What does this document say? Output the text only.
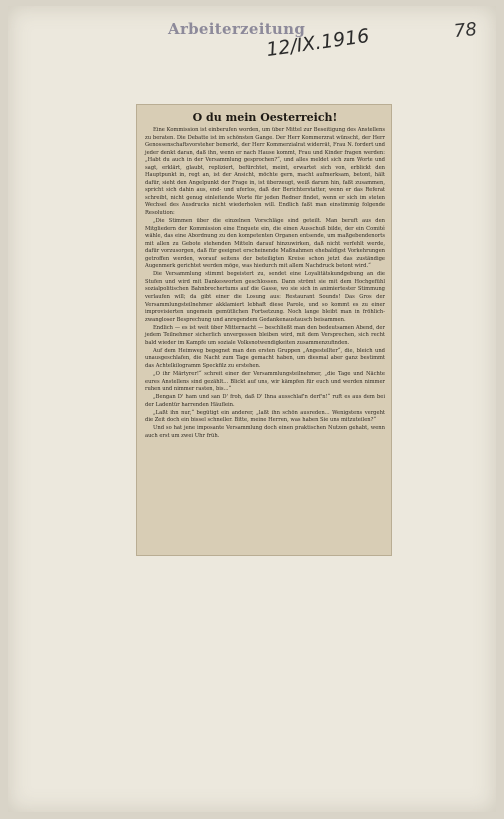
Arbeiterzeitung
12/IX.1916	78
O du mein Oesterreich!

Eine Kommission ist einberufen worden, um über Mittel zur Beseitigung des Anstellens zu beraten. Die Debatte ist im schönsten Gange. Der Herr Kommerzrat wünscht, der Herr Genossenschaftsvorsteher bemerkt, der Herr Kommerzialrat widerrät, Frau N. fordert und jeder denkt daran, daß ihn, wenn er nach Hause kommt, Frau und Kinder fragen werden: „Habt du auch in der Versammlung gesprochen?“, und alles meldet sich zum Worte und sagt, erklärt, glaubt, repliziert, befürchtet, meint, erwartet sich von, erblickt den Hauptpunkt in, regt an, ist der Ansicht, möchte gern, macht aufmerksam, betont, hält dafür, sieht den Angelpunkt der Frage in, ist überzeugt, weiß darum hin, faßt zusammen, spricht sich dahin aus, end- und uferlos, daß der Berichterstatter, wenn er das Referat schreibt, nicht genug einleitende Worte für jeden Redner findet, wenn er sich im steten Wechsel des Ausdrucks nicht wiederholen will. Endlich faßt man einstimmig folgende Resolution:

„Die Stimmen über die einzelnen Vorschläge sind geteilt. Man beruft aus den Mitgliedern der Kommission eine Enquete ein, die einen Ausschuß bilde, der ein Comité wähle, das eine Abordnung zu den kompetenten Organen entsende, um maßgebendenorts mit allen zu Gebote stehenden Mitteln darauf hinzuwirken, daß nicht verfehlt werde, dafür vorzusorgen, daß für geeignet erscheinende Maßnahmen ehebaldigst Vorkehrungen getroffen werden, worauf seitens der beteiligten Kreise schon jetzt das zuständige Augenmerk gerichtet werden möge, was hiedurch mit allem Nachdruck betont wird.“

Die Versammlung stimmt begeistert zu, sendet eine Loyalitätskundgebung an die Stufen und wird mit Dankesworten geschlossen. Dann strömt sie mit dem Hochgefühl sozialpolitischen Bahnbrechertums auf die Gasse, wo sie sich in animiertester Stimmung verlaufen will; da gibt einer die Losung aus: Restaurant Sounds! Das Gros der Versammlungsteilnehmer akklamiert lebhaft diese Parole, und so kommt es zu einer improvisierten ungemein gemütlichen Fortsetzung. Noch lange bleibt man in fröhlich-zwangloser Besprechung und anregendem Gedankenaustausch beisammen.

Endlich — es ist weit über Mitternacht — beschließt man den bedeutsamen Abend, der jedem Teilnehmer sicherlich unvergessen bleiben wird, mit dem Versprechen, sich recht bald wieder im Kampfe um soziale Volksnotwendigkeiten zusammenzufinden.

Auf dem Heimweg begegnet man den ersten Gruppen „Angestellter“, die, bleich und unausgeschlafen, die Nacht zum Tage gemacht haben, um diesmal aber ganz bestimmt das Achtelkilogramm Speckfilz zu erstehen.

„O ihr Märtyrer!“ schreit einer der Versammlungsteilnehmer, „die Tage und Nächte eures Anstellens sind gezählt... Blickt auf uns, wir kämpfen für euch und werden nimmer ruhen und nimmer rasten, bis...“

„Bengan D' ham und san D' froh, daß D' Ihna ausschlaf'n derf'n!“ ruft es aus dem bei der Ladentür harrenden Häuflein.

„Laßt ihn nur,“ begütigt ein anderer, „laßt ihn schön ausreden... Wenigstens vergeht die Zeit doch ein bissel schneller. Bitte, meine Herren, was haben Sie uns mitzuteilen?“

Und so hat jene imposante Versammlung doch einen praktischen Nutzen gehabt, wenn auch erst um zwei Uhr früh.
